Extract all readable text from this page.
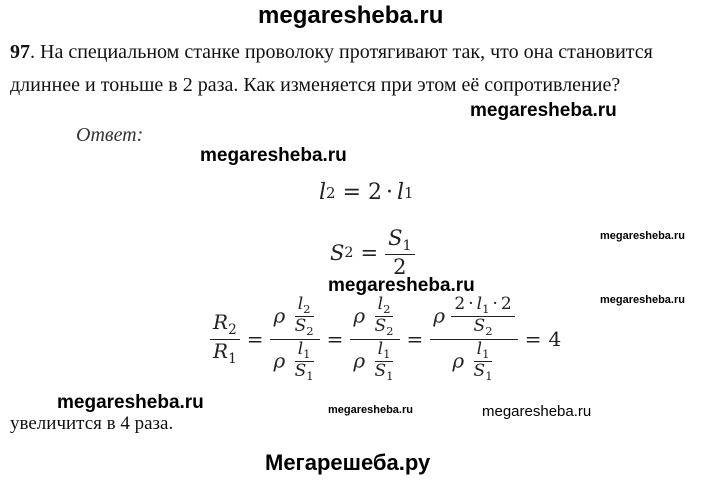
megaresheba.ru
97. На специальном станке проволоку протягивают так, что она становится длиннее и тоньше в 2 раза. Как изменяется при этом её сопротивление?
megaresheba.ru
Ответ:
megaresheba.ru
l 2 = 2 · l 1
megaresheba.ru
S $2 = \frac{S_1}{2}$
megaresheba.ru
megaresheba.ru
$\frac{R_2}{R_1} = \frac{\rho \frac{l_2}{S_2}}{\rho \frac{l_1}{S_1}} = \frac{\rho \frac{l_2}{S_2}}{\rho \frac{l_1}{S_1}} = \frac{\rho \frac{2 \cdot l_1 \cdot 2}{S_2}}{\rho \frac{l_1}{S_1}} = 4$
megaresheba.ru	megaresheba.ru	megaresheba.ru
увеличится в 4 раза.
Мегарешеба.ру
